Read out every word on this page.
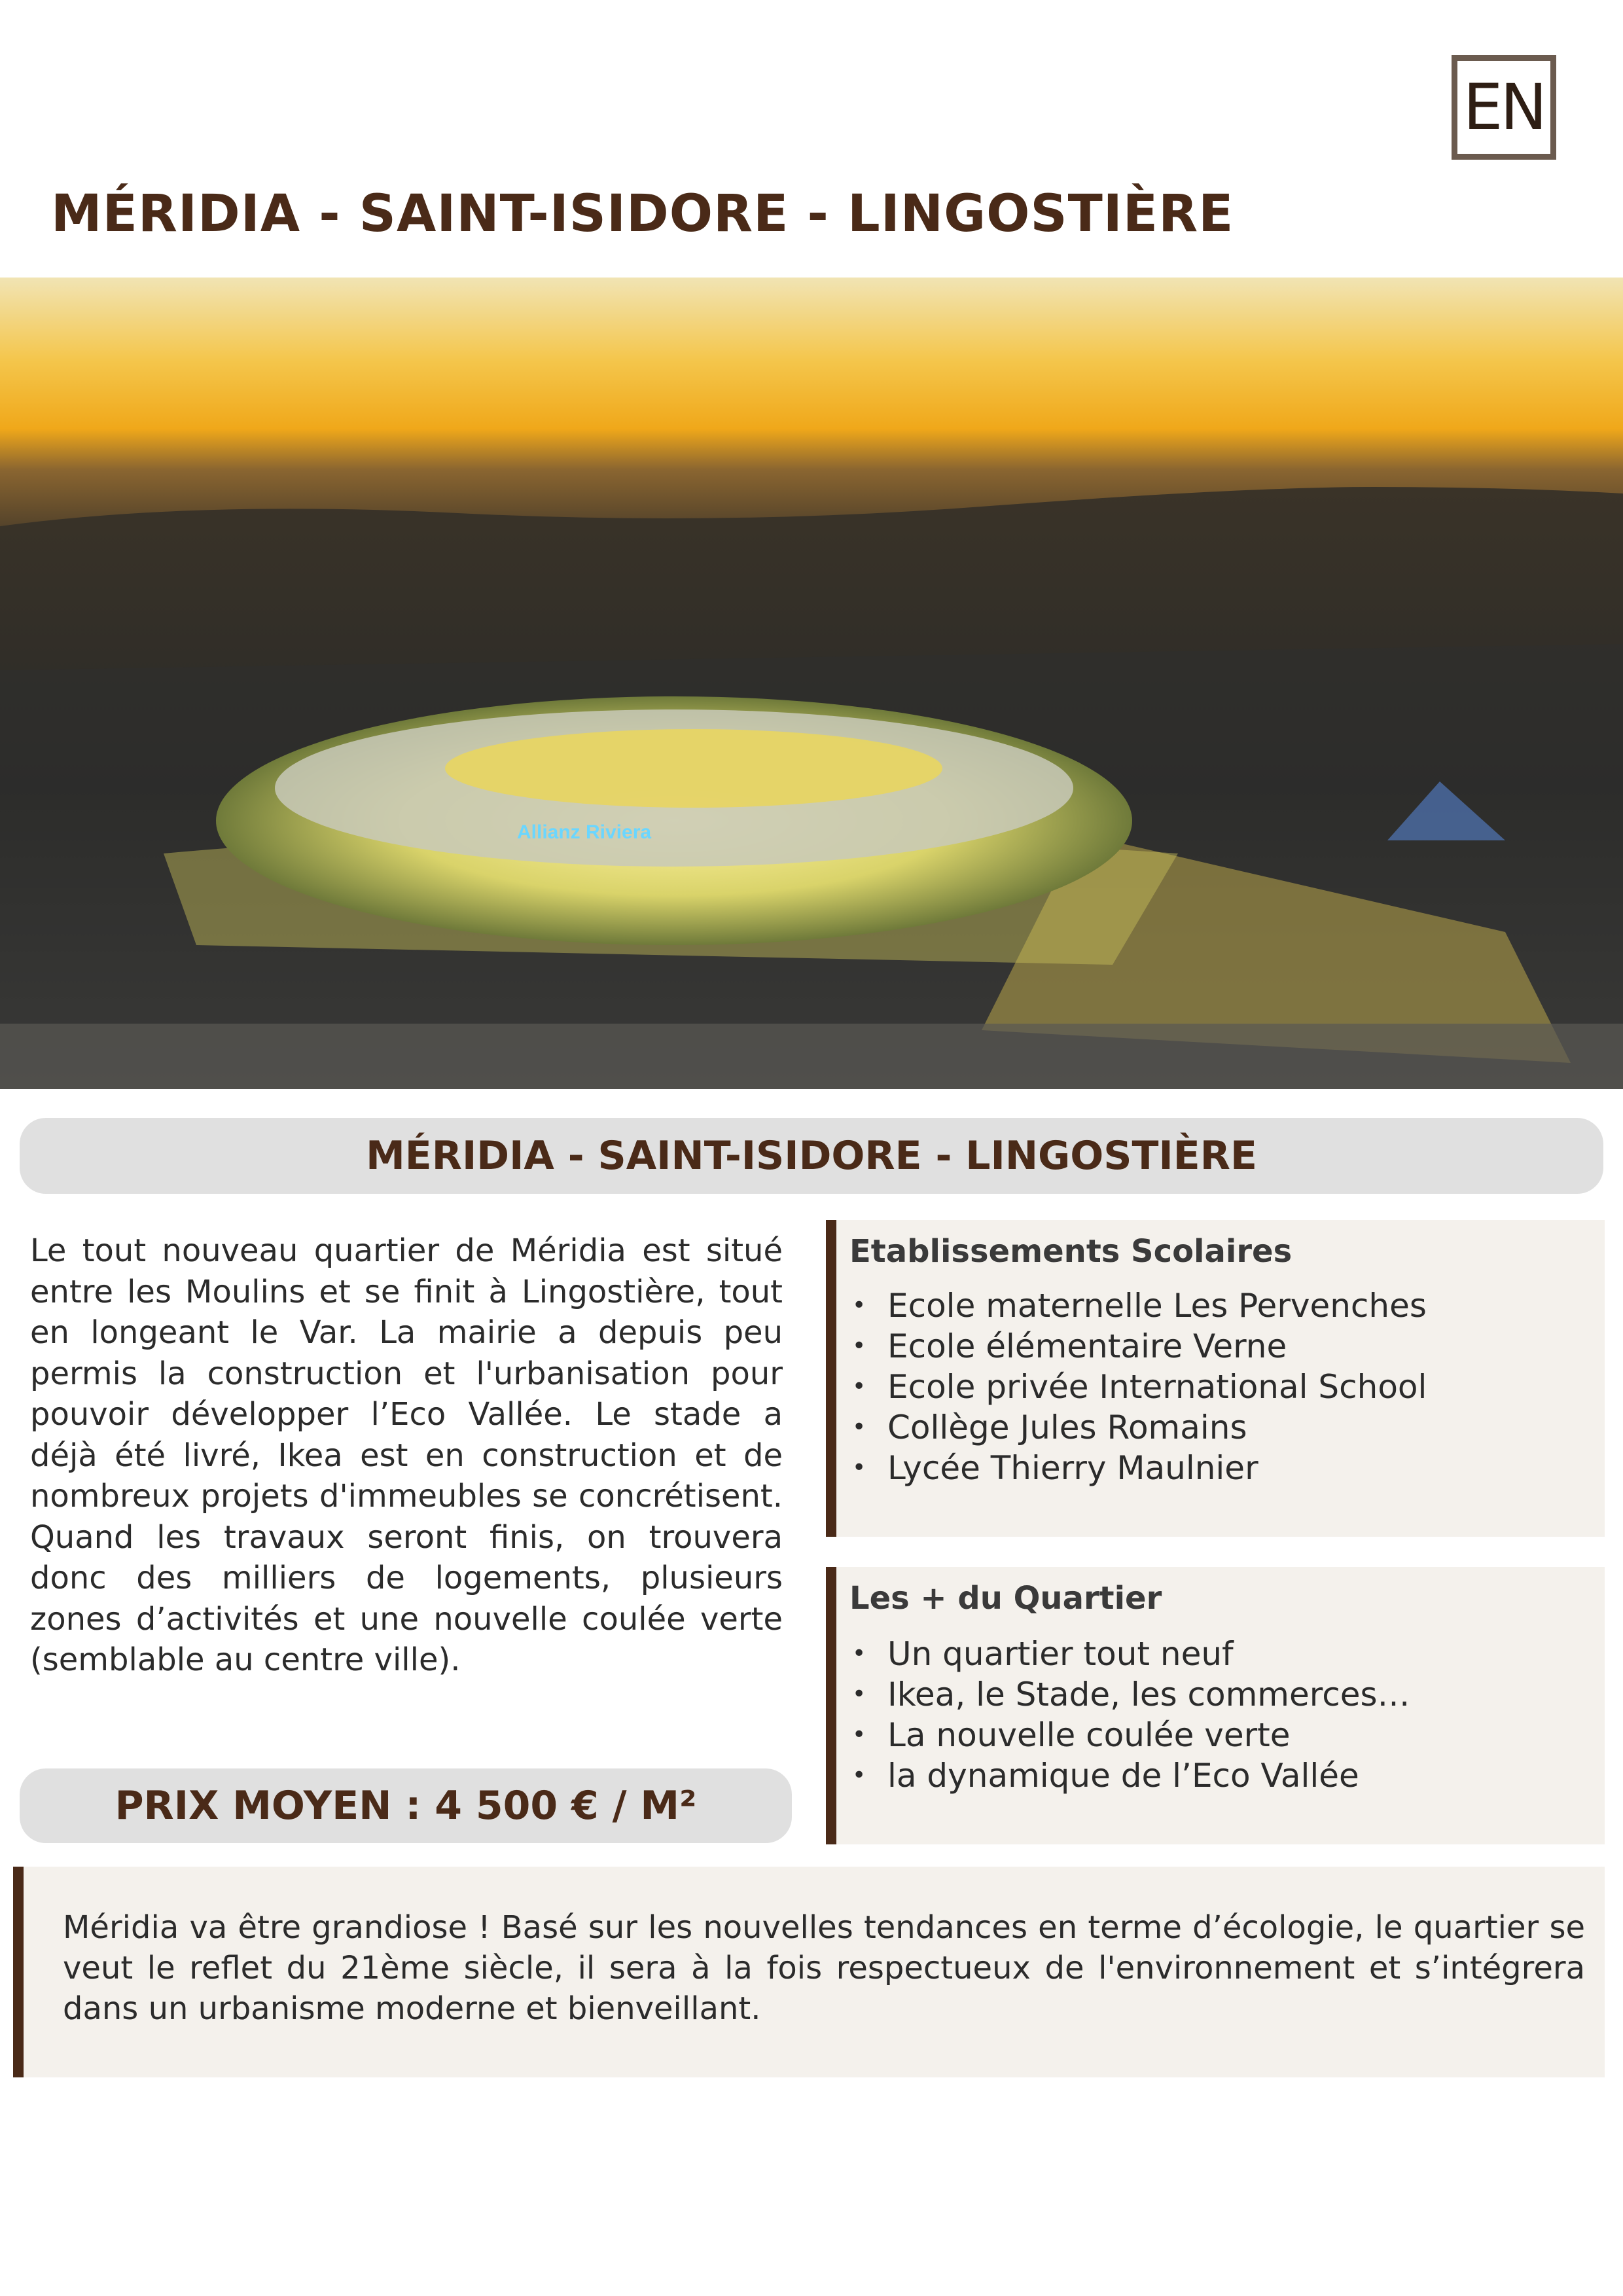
EN
MÉRIDIA - SAINT-ISIDORE - LINGOSTIÈRE
Allianz Riviera
MÉRIDIA - SAINT-ISIDORE - LINGOSTIÈRE

Le tout nouveau quartier de Méridia est situé entre les Moulins et se finit à Lingostière, tout en longeant le Var. La mairie a depuis peu permis la construction et l'urbanisation pour pouvoir développer l’Eco Vallée. Le stade a déjà été livré, Ikea est en construction et de nombreux projets d'immeubles se concrétisent. Quand les travaux seront finis, on trouvera donc des milliers de logements, plusieurs zones d’activités et une nouvelle coulée verte (semblable au centre ville).

PRIX MOYEN : 4 500 € / M²
Etablissements Scolaires
• Ecole maternelle Les Pervenches
• Ecole élémentaire Verne
• Ecole privée International School
• Collège Jules Romains
• Lycée Thierry Maulnier
Les + du Quartier
• Un quartier tout neuf
• Ikea, le Stade, les commerces…
• La nouvelle coulée verte
• la dynamique de l’Eco Vallée

Méridia va être grandiose ! Basé sur les nouvelles tendances en terme d’écologie, le quartier se veut le reflet du 21ème siècle, il sera à la fois respectueux de l'environnement et s’intégrera dans un urbanisme moderne et bienveillant.
